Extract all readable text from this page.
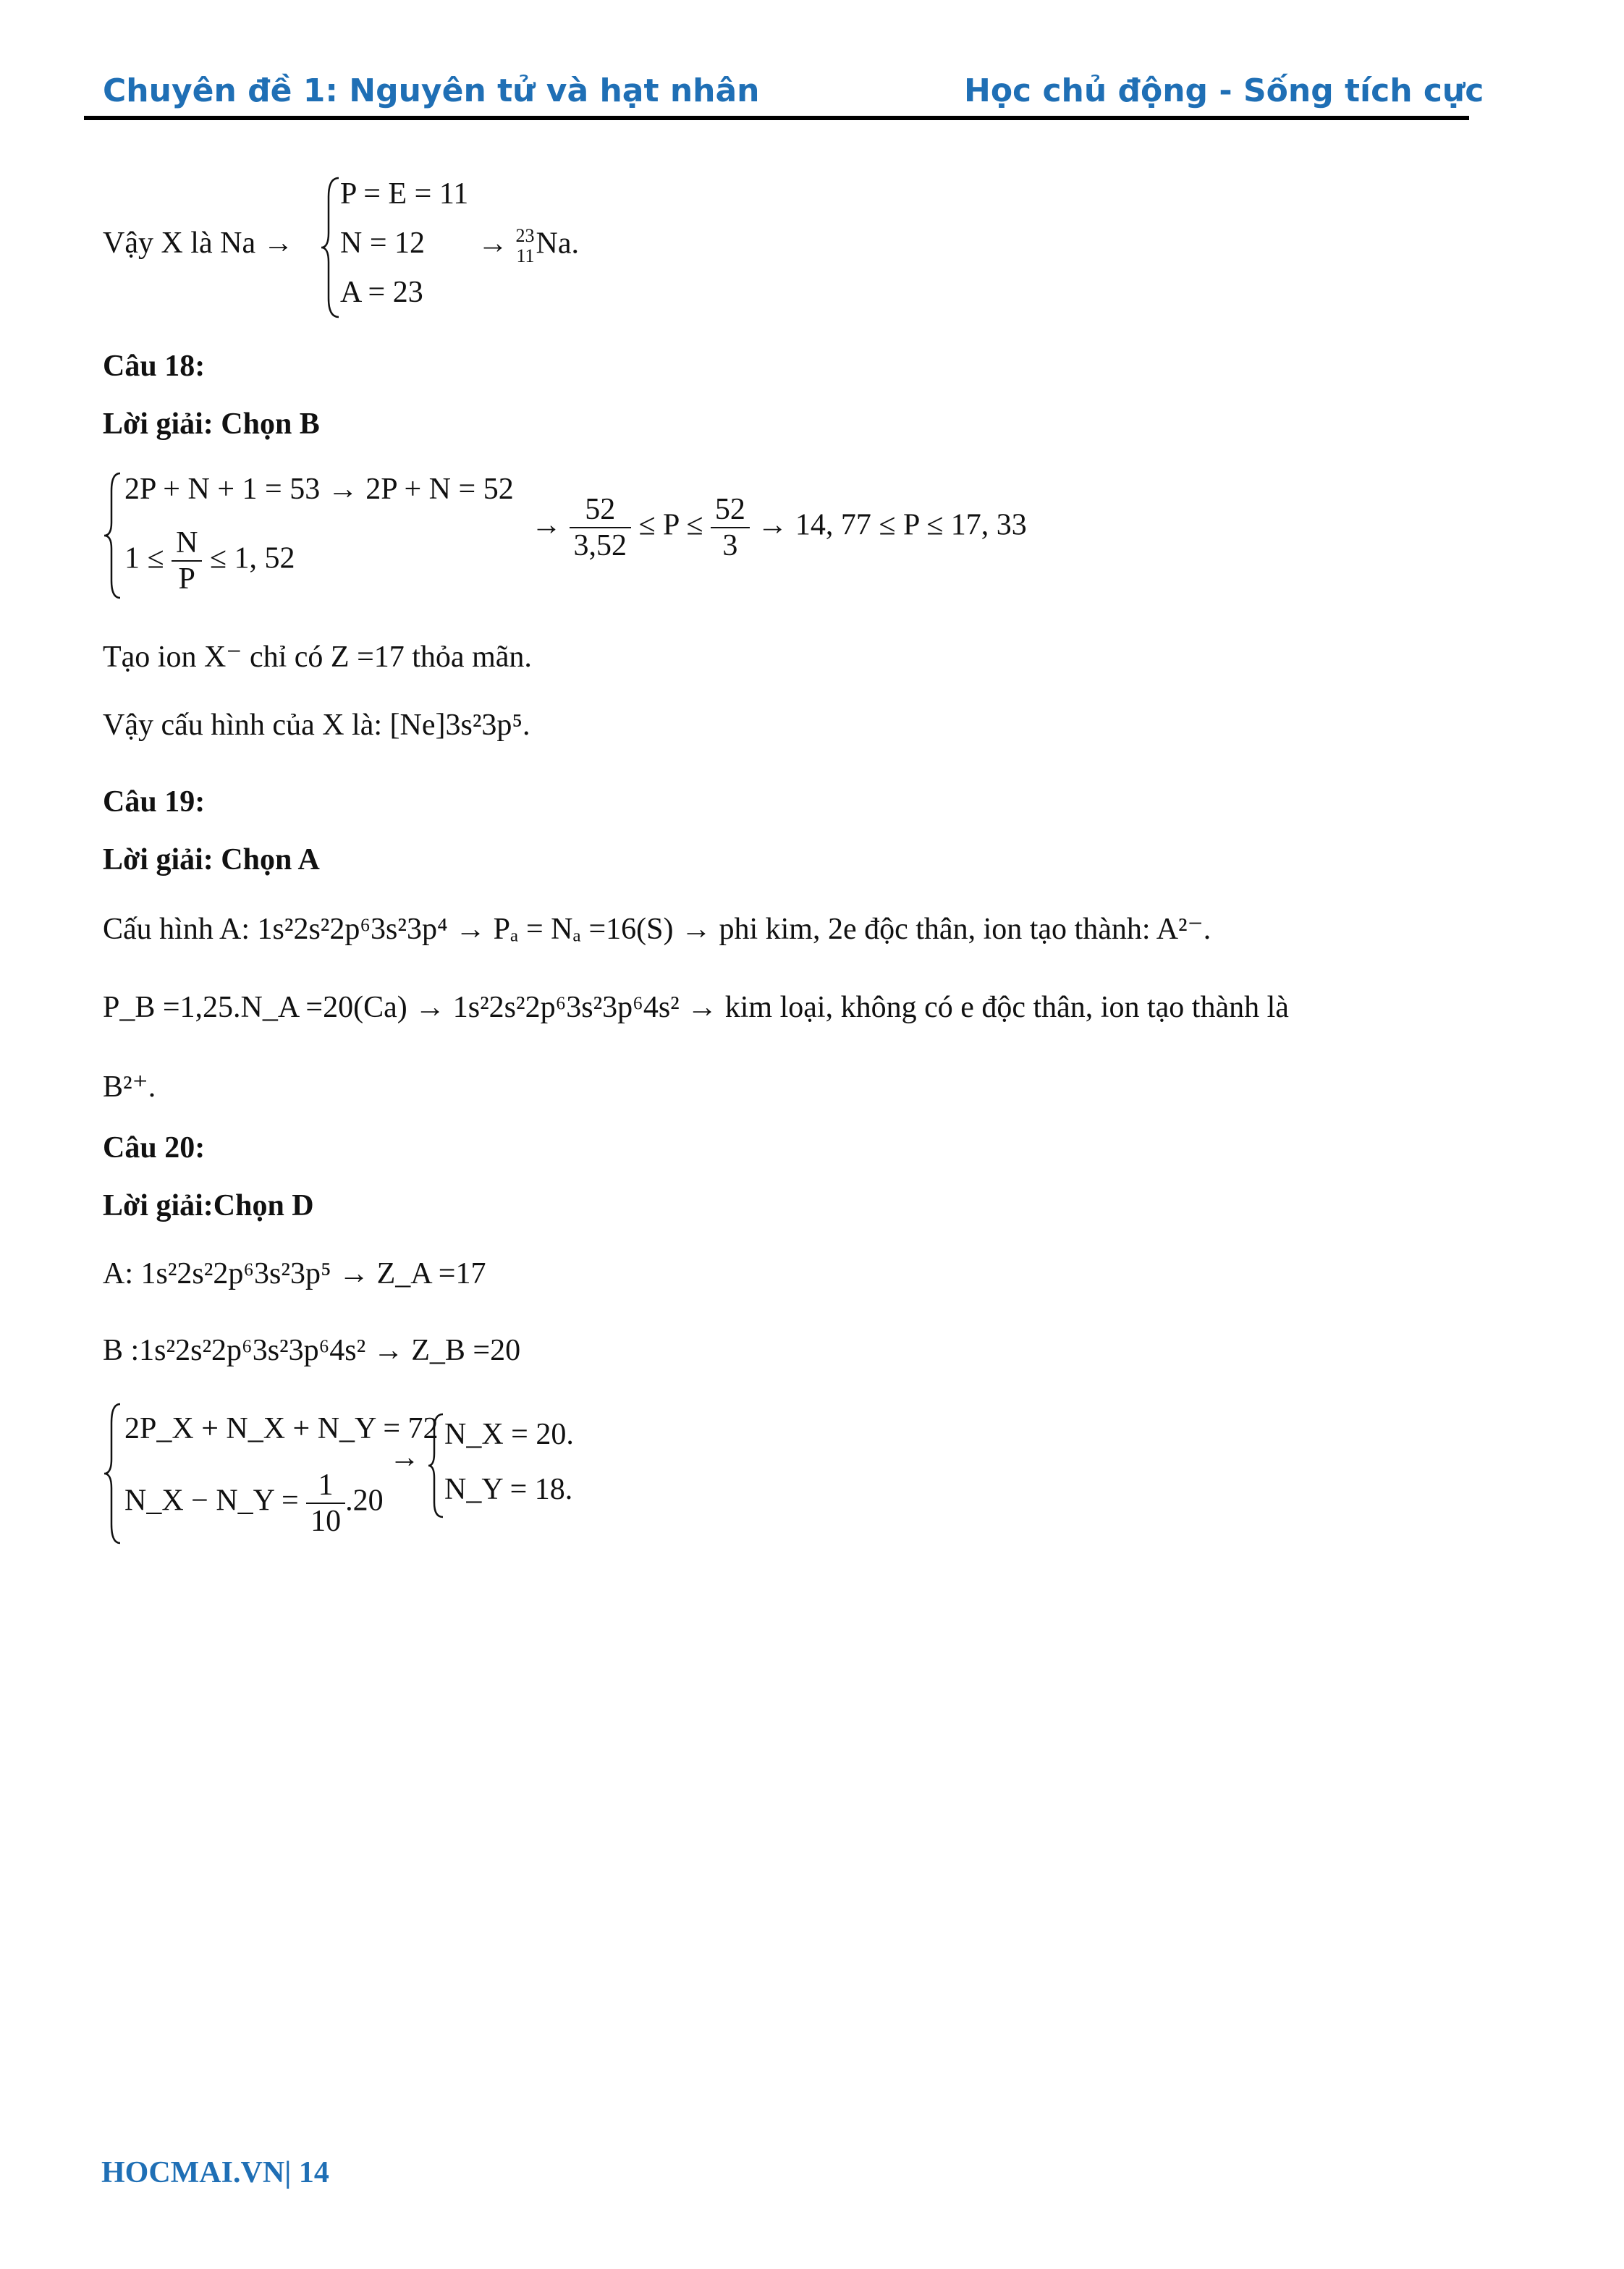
Chuyên đề 1: Nguyên tử và hạt nhân	Học chủ động - Sống tích cực
Vậy X là Na →
P = E = 11
N = 12
A = 23
→ 23
11 Na.
Câu 18:
Lời giải: Chọn B
2P + N + 1 = 53 → 2P + N = 52
$1 \le \frac{N}{P} \le 1$, 52
→ $\frac{52}{3,52} \le P \le \frac{52}{3} \to 14$, 77 ≤ P ≤ 17, 33
Tạo ion X⁻ chỉ có Z =17 thỏa mãn.
Vậy cấu hình của X là: [Ne]3s²3p⁵.
Câu 19:
Lời giải: Chọn A
Cấu hình A: 1s²2s²2p⁶3s²3p⁴ → Pₐ = Nₐ =16(S) → phi kim, 2e độc thân, ion tạo thành: A²⁻.
P_B =1,25.N_A =20(Ca) → 1s²2s²2p⁶3s²3p⁶4s² → kim loại, không có e độc thân, ion tạo thành là
B²⁺.
Câu 20:
Lời giải:Chọn D
A: 1s²2s²2p⁶3s²3p⁵ → Z_A =17
B :1s²2s²2p⁶3s²3p⁶4s² → Z_B =20
2P_X + N_X + N_Y = 72
N_X − N_Y = $\frac{1}{10} .20$
→
N_X = 20.
N_Y = 18.
HOCMAI.VN| 14
